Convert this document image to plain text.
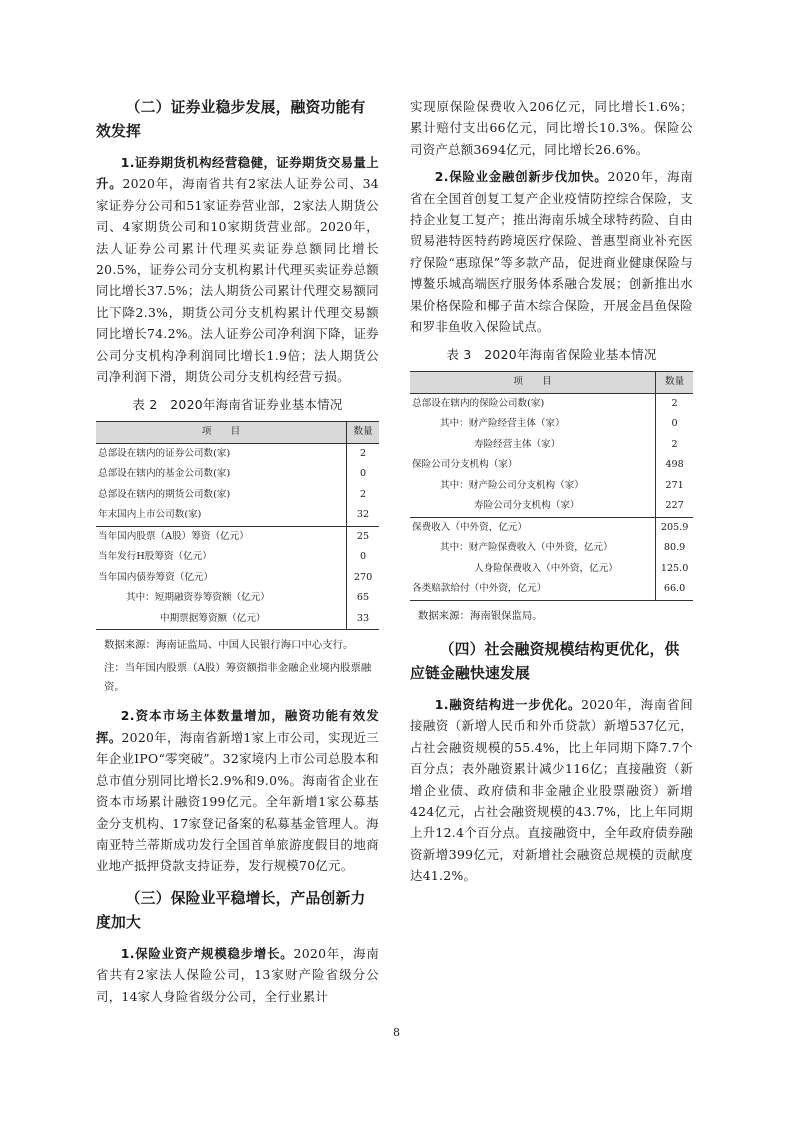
（二）证券业稳步发展，融资功能有效发挥

1.证券期货机构经营稳健，证券期货交易量上升。2020年，海南省共有2家法人证券公司、34家证券分公司和51家证券营业部，2家法人期货公司、4家期货公司和10家期货营业部。2020年，法人证券公司累计代理买卖证券总额同比增长20.5%，证券公司分支机构累计代理买卖证券总额同比增长37.5%；法人期货公司累计代理交易额同比下降2.3%，期货公司分支机构累计代理交易额同比增长74.2%。法人证券公司净利润下降，证券公司分支机构净利润同比增长1.9倍；法人期货公司净利润下滑，期货公司分支机构经营亏损。

表 2　2020年海南省证券业基本情况
项　　目	数量
总部设在辖内的证券公司数(家)	2
总部设在辖内的基金公司数(家)	0
总部设在辖内的期货公司数(家)	2
年末国内上市公司数(家)	32
当年国内股票（A股）筹资（亿元）	25
当年发行H股筹资（亿元）	0
当年国内债券筹资（亿元）	270
其中：短期融资券筹资额（亿元）	65
中期票据筹资额（亿元）	33
数据来源：海南证监局、中国人民银行海口中心支行。
注：当年国内股票（A股）筹资额指非金融企业境内股票融资。

2.资本市场主体数量增加，融资功能有效发挥。2020年，海南省新增1家上市公司，实现近三年企业IPO“零突破”。32家境内上市公司总股本和总市值分别同比增长2.9%和9.0%。海南省企业在资本市场累计融资199亿元。全年新增1家公募基金分支机构、17家登记备案的私募基金管理人。海南亚特兰蒂斯成功发行全国首单旅游度假目的地商业地产抵押贷款支持证券，发行规模70亿元。

（三）保险业平稳增长，产品创新力度加大

1.保险业资产规模稳步增长。2020年，海南省共有2家法人保险公司，13家财产险省级分公司，14家人身险省级分公司，全行业累计

实现原保险保费收入206亿元，同比增长1.6%；累计赔付支出66亿元，同比增长10.3%。保险公司资产总额3694亿元，同比增长26.6%。

2.保险业金融创新步伐加快。2020年，海南省在全国首创复工复产企业疫情防控综合保险，支持企业复工复产；推出海南乐城全球特药险、自由贸易港特医特药跨境医疗保险、普惠型商业补充医疗保险“惠琼保”等多款产品，促进商业健康保险与博鳌乐城高端医疗服务体系融合发展；创新推出水果价格保险和椰子苗木综合保险，开展金昌鱼保险和罗非鱼收入保险试点。

表 3　2020年海南省保险业基本情况
项　　目	数量
总部设在辖内的保险公司数(家)	2
其中：财产险经营主体（家）	0
寿险经营主体（家）	2
保险公司分支机构（家）	498
其中：财产险公司分支机构（家）	271
寿险公司分支机构（家）	227
保费收入（中外资，亿元）	205.9
其中：财产险保费收入（中外资，亿元）	80.9
人身险保费收入（中外资，亿元）	125.0
各类赔款给付（中外资，亿元）	66.0
数据来源：海南银保监局。
（四）社会融资规模结构更优化，供应链金融快速发展

1.融资结构进一步优化。2020年，海南省间接融资（新增人民币和外币贷款）新增537亿元，占社会融资规模的55.4%，比上年同期下降7.7个百分点；表外融资累计减少116亿；直接融资（新增企业债、政府债和非金融企业股票融资）新增424亿元，占社会融资规模的43.7%，比上年同期上升12.4个百分点。直接融资中，全年政府债券融资新增399亿元，对新增社会融资总规模的贡献度达41.2%。

8
